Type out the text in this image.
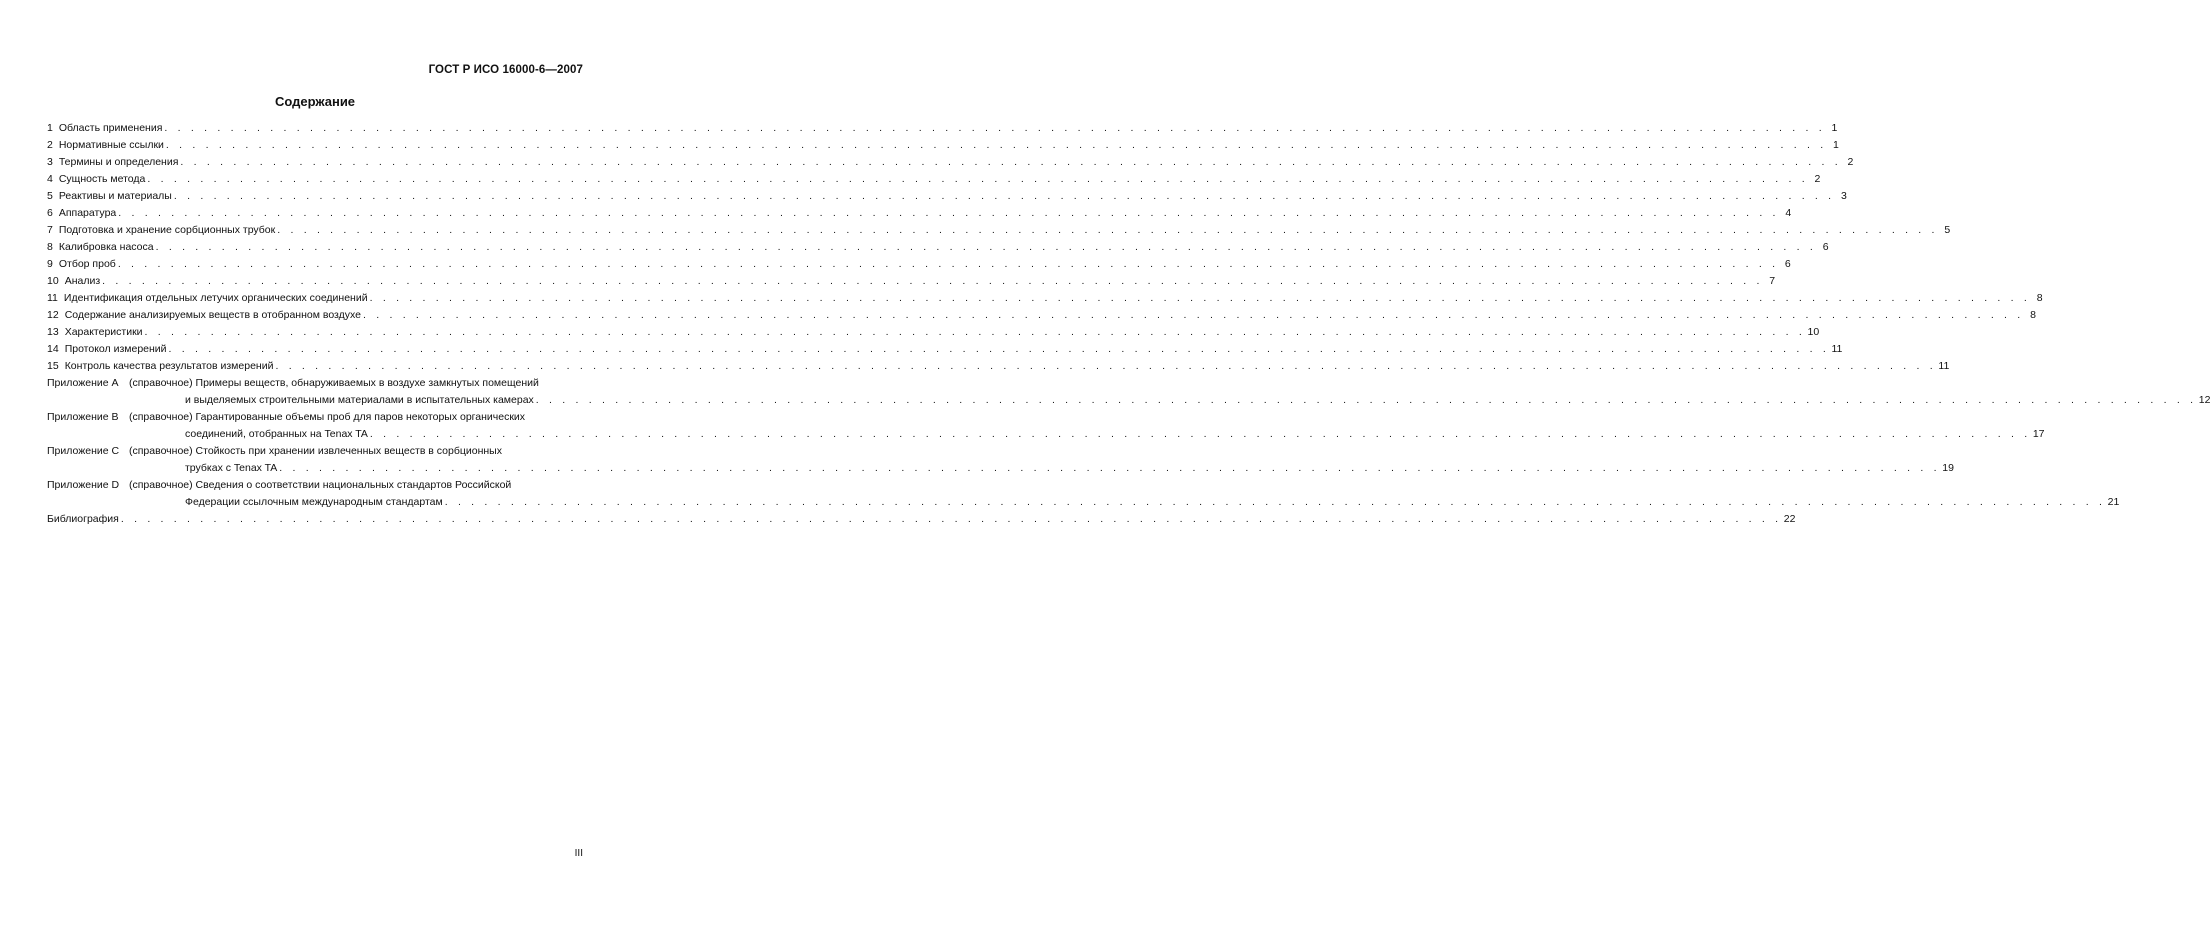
ГОСТ Р ИСО 16000-6—2007
Содержание
1 Область применения . . .	1
2 Нормативные ссылки . . .	1
3 Термины и определения . . .	2
4 Сущность метода . . .	2
5 Реактивы и материалы . . .	3
6 Аппаратура . . .	4
7 Подготовка и хранение сорбционных трубок . . .	5
8 Калибровка насоса . . .	6
9 Отбор проб . . .	6
10 Анализ . . .	7
11 Идентификация отдельных летучих органических соединений . . .	8
12 Содержание анализируемых веществ в отобранном воздухе . . .	8
13 Характеристики . . .	10
14 Протокол измерений . . .	11
15 Контроль качества результатов измерений . . .	11
Приложение А (справочное) Примеры веществ, обнаруживаемых в воздухе замкнутых помещений
и выделяемых строительными материалами в испытательных камерах . . .	12
Приложение В (справочное) Гарантированные объемы проб для паров некоторых органических
соединений, отобранных на Tenax TA . . .	17
Приложение С (справочное) Стойкость при хранении извлеченных веществ в сорбционных
трубках с Tenax TA . . .	19
Приложение D (справочное) Сведения о соответствии национальных стандартов Российской
Федерации ссылочным международным стандартам . . .	21
Библиография . . .	22
III
